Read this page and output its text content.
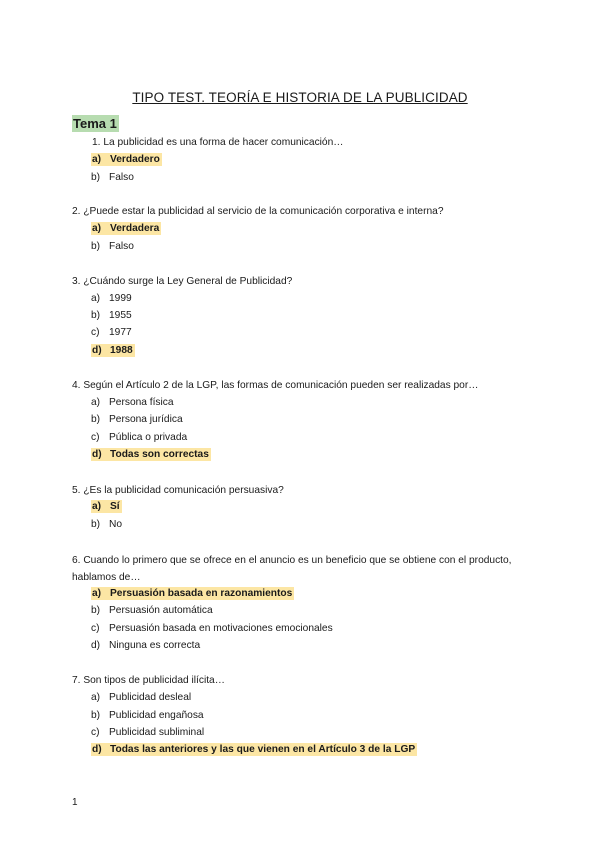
TIPO TEST. TEORÍA E HISTORIA DE LA PUBLICIDAD
Tema 1
1. La publicidad es una forma de hacer comunicación…
a) Verdadero
b) Falso
2. ¿Puede estar la publicidad al servicio de la comunicación corporativa e interna?
a) Verdadera
b) Falso
3. ¿Cuándo surge la Ley General de Publicidad?
a) 1999
b) 1955
c) 1977
d) 1988
4. Según el Artículo 2 de la LGP, las formas de comunicación pueden ser realizadas por…
a) Persona física
b) Persona jurídica
c) Pública o privada
d) Todas son correctas
5. ¿Es la publicidad comunicación persuasiva?
a) Sí
b) No
6. Cuando lo primero que se ofrece en el anuncio es un beneficio que se obtiene con el producto, hablamos de…
a) Persuasión basada en razonamientos
b) Persuasión automática
c) Persuasión basada en motivaciones emocionales
d) Ninguna es correcta
7. Son tipos de publicidad ilícita…
a) Publicidad desleal
b) Publicidad engañosa
c) Publicidad subliminal
d) Todas las anteriores y las que vienen en el Artículo 3 de la LGP
1
